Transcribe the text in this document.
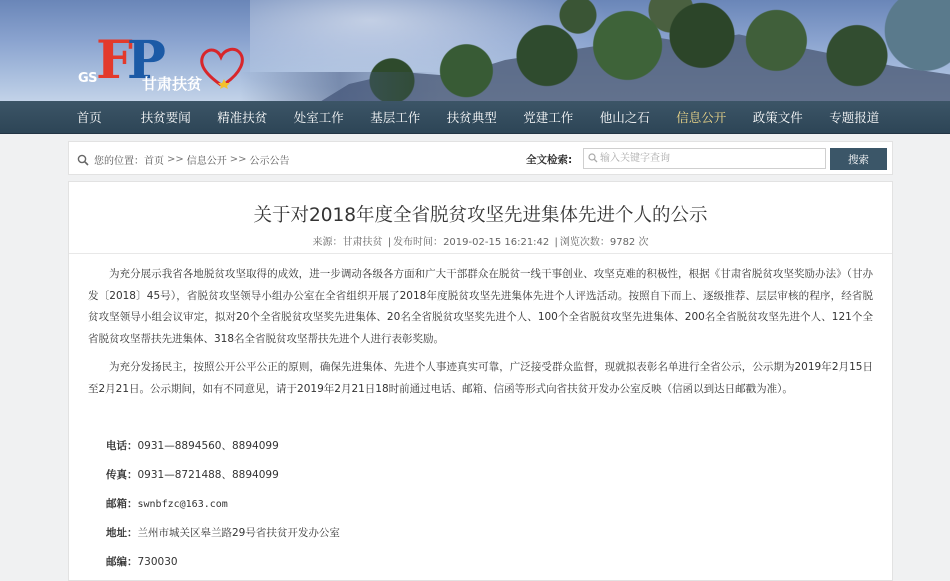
FP
GS	甘肃扶贫
首页	扶贫要闻	精准扶贫	处室工作	基层工作	扶贫典型	党建工作	他山之石	信息公开	政策文件	专题报道
您的位置： 首页 >> 信息公开 >> 公示公告	全文检索:
输入关键字查询	搜索
关于对2018年度全省脱贫攻坚先进集体先进个人的公示
来源：甘肃扶贫 | 发布时间：2019-02-15 16:21:42 | 浏览次数：9782 次

为充分展示我省各地脱贫攻坚取得的成效，进一步调动各级各方面和广大干部群众在脱贫一线干事创业、攻坚克难的积极性，根据《甘肃省脱贫攻坚奖励办法》（甘办发〔2018〕45号），省脱贫攻坚领导小组办公室在全省组织开展了2018年度脱贫攻坚先进集体先进个人评选活动。按照自下而上、逐级推荐、层层审核的程序，经省脱贫攻坚领导小组会议审定，拟对20个全省脱贫攻坚奖先进集体、20名全省脱贫攻坚奖先进个人、100个全省脱贫攻坚先进集体、200名全省脱贫攻坚先进个人、121个全省脱贫攻坚帮扶先进集体、318名全省脱贫攻坚帮扶先进个人进行表彰奖励。

为充分发扬民主，按照公开公平公正的原则，确保先进集体、先进个人事迹真实可靠，广泛接受群众监督，现就拟表彰名单进行全省公示，公示期为2019年2月15日至2月21日。公示期间，如有不同意见，请于2019年2月21日18时前通过电话、邮箱、信函等形式向省扶贫开发办公室反映（信函以到达日邮戳为准）。

电话：0931—8894560、8894099
传真：0931—8721488、8894099
邮箱：swnbfzc@163.com
地址：兰州市城关区皋兰路29号省扶贫开发办公室
邮编：730030
